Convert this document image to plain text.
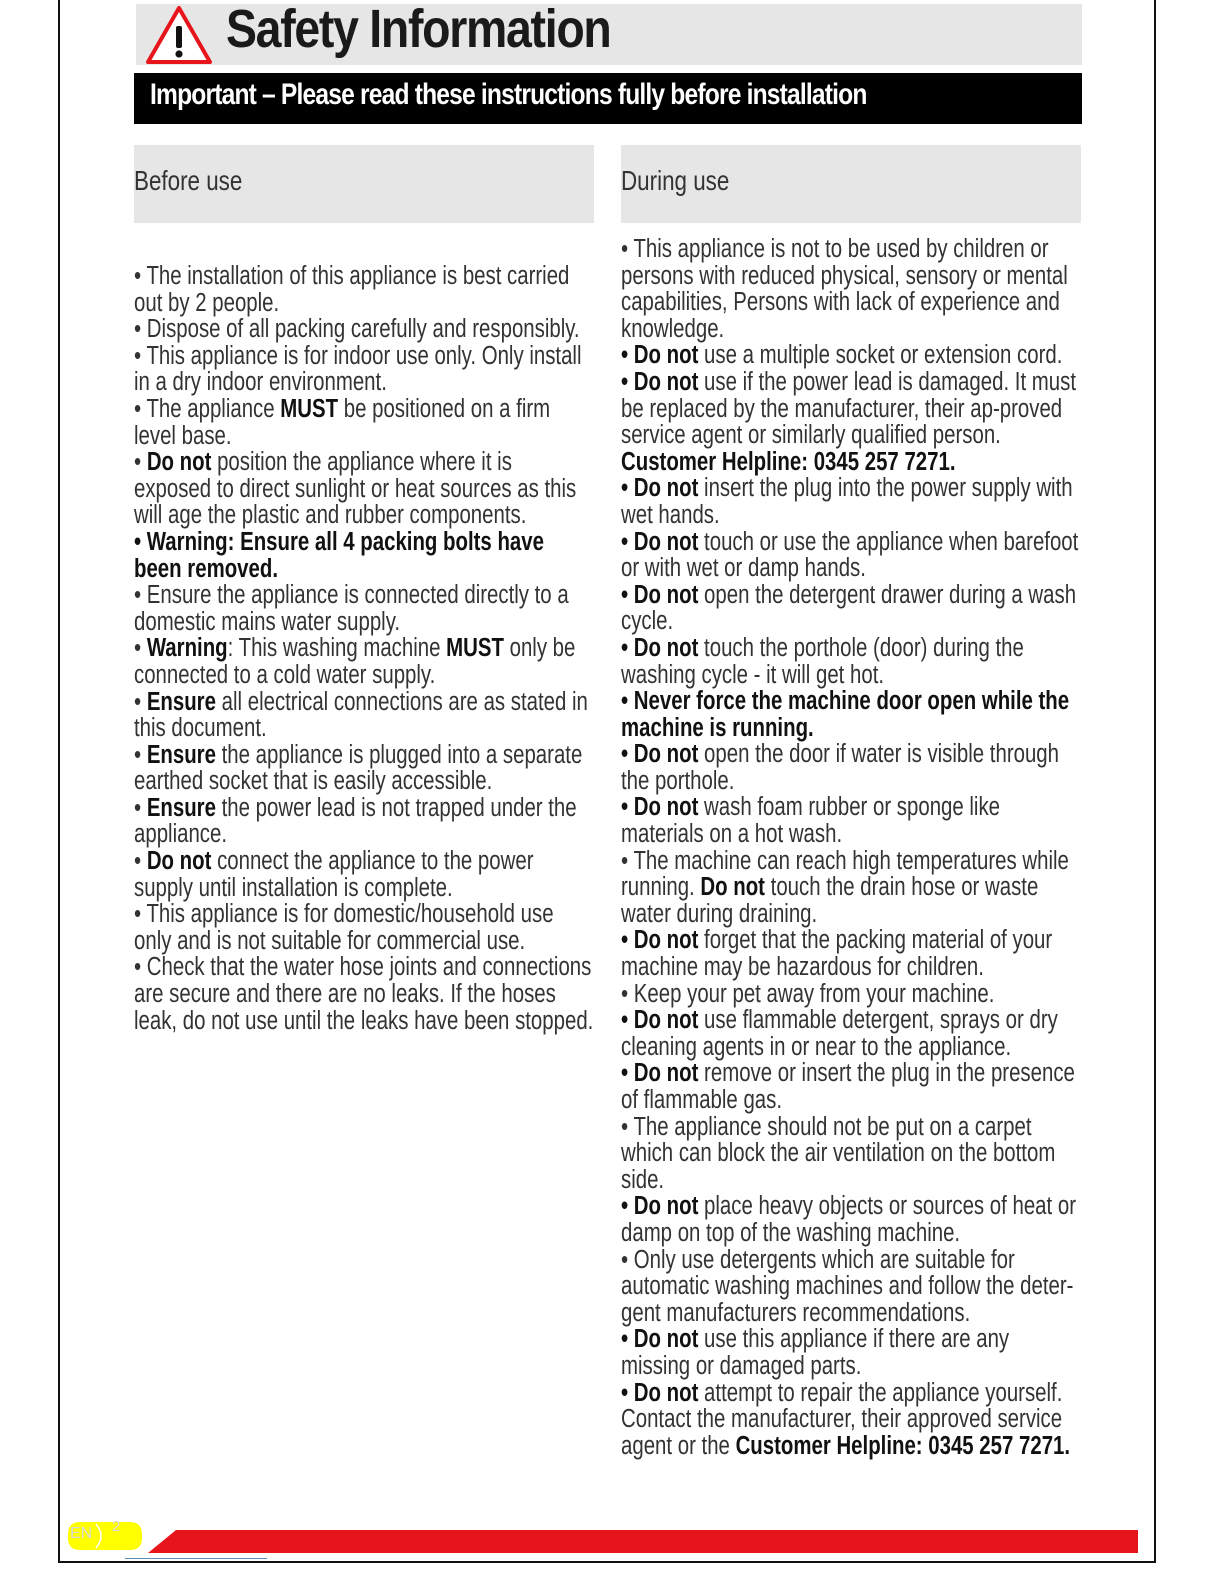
Safety Information
Important – Please read these instructions fully before installation
Before use	During use

• The installation of this appliance is best carried out by 2 people.

• Dispose of all packing carefully and responsibly.

• This appliance is for indoor use only. Only install in a dry indoor environment.

• The appliance MUST be positioned on a firm level base.

• Do not position the appliance where it is exposed to direct sunlight or heat sources as this will age the plastic and rubber components.

• Warning: Ensure all 4 packing bolts have been removed.

• Ensure the appliance is connected directly to a domestic mains water supply.

• Warning: This washing machine MUST only be connected to a cold water supply.

• Ensure all electrical connections are as stated in this document.

• Ensure the appliance is plugged into a separate earthed socket that is easily accessible.

• Ensure the power lead is not trapped under the appliance.

• Do not connect the appliance to the power supply until installation is complete.

• This appliance is for domestic/household use only and is not suitable for commercial use.

• Check that the water hose joints and connections are secure and there are no leaks. If the hoses leak, do not use until the leaks have been stopped.

• This appliance is not to be used by children or persons with reduced physical, sensory or mental capabilities, Persons with lack of experience and knowledge.

• Do not use a multiple socket or extension cord.

• Do not use if the power lead is damaged. It must be replaced by the manufacturer, their ap-proved service agent or similarly qualified person. Customer Helpline: 0345 257 7271.

• Do not insert the plug into the power supply with wet hands.

• Do not touch or use the appliance when barefoot or with wet or damp hands.

• Do not open the detergent drawer during a wash cycle.

• Do not touch the porthole (door) during the washing cycle - it will get hot.

• Never force the machine door open while the machine is running.

• Do not open the door if water is visible through the porthole.

• Do not wash foam rubber or sponge like materials on a hot wash.

• The machine can reach high temperatures while running. Do not touch the drain hose or waste water during draining.

• Do not forget that the packing material of your machine may be hazardous for children.

• Keep your pet away from your machine.

• Do not use flammable detergent, sprays or dry cleaning agents in or near to the appliance.

• Do not remove or insert the plug in the presence of flammable gas.

• The appliance should not be put on a carpet which can block the air ventilation on the bottom side.

• Do not place heavy objects or sources of heat or damp on top of the washing machine.

• Only use detergents which are suitable for automatic washing machines and follow the deter-gent manufacturers recommendations.

• Do not use this appliance if there are any missing or damaged parts.

• Do not attempt to repair the appliance yourself. Contact the manufacturer, their approved service agent or the Customer Helpline: 0345 257 7271.

EN 2
